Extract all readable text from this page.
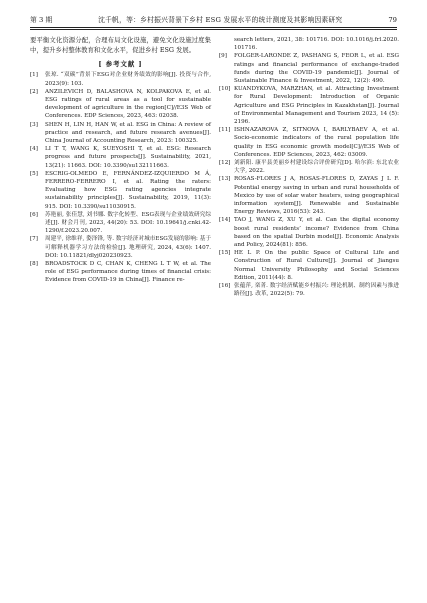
第 3 期	沈千帆，等：乡村振兴背景下乡村 ESG 发展水平的统计测度及其影响因素研究	79

要平衡文化资源分配，合理布局文化设施，避免文化设施过度集中，提升乡村整体教育和文化水平，促进乡村 ESG 发展。

[ 参考文献 ]
[1]	张琼. “双碳”背景下ESG对企业财务绩效的影响[J]. 投资与合作, 2023(9): 103.
[2]	ANZILEVICH D, BALASHOVA N, KOLPAKOVA E, et al. ESG ratings of rural areas as a tool for sustainable development of agriculture in the region[C]//E3S Web of Conferences. EDP Sciences, 2023, 463: 02038.
[3]	SHEN H, LIN H, HAN W, et al. ESG in China: A review of practice and research, and future research avenues[J]. China Journal of Accounting Research, 2023: 100325.
[4]	LI T T, WANG K, SUEYOSHI T, et al. ESG: Research progress and future prospects[J]. Sustainability, 2021, 13(21): 11663. DOI: 10.3390/su132111663.
[5]	ESCRIG-OLMEDO E, FERNÁNDEZ-IZQUIERDO M Á, FERRERO-FERRERO I, et al. Rating the raters: Evaluating how ESG rating agencies integrate sustainability principles[J]. Sustainability, 2019, 11(3): 915. DOI: 10.3390/su11030915.
[6]	苏艳丽, 张佳慧, 刘书娜. 数字化转型、ESG表现与企业绩效研究综述[J]. 财会月刊, 2023, 44(20): 53. DOI: 10.19641/j.cnki.42-1290/f.2023.20.007.
[7]	周建平, 徐维祥, 姿泽锋, 等. 数字经济对城市ESG发展的影响: 基于可解释机器学习方法的检验[J]. 地理研究, 2024, 43(6): 1407. DOI: 10.11821/dlyj020230923.
[8]	BROADSTOCK D C, CHAN K, CHENG L T W, et al. The role of ESG performance during times of financial crisis: Evidence from COVID-19 in China[J]. Finance re-
search letters, 2021, 38: 101716. DOI: 10.1016/j.frl.2020. 101716.
[9]	FOLGER-LARONDE Z, PASHANG S, FEOR L, et al. ESG ratings and financial performance of exchange-traded funds during the COVID-19 pandemic[J]. Journal of Sustainable Finance & Investment, 2022, 12(2): 490.
[10] KUANDYKOVA, MARZHAN, et al. Attracting Investment for Rural Development: Introduction of Organic Agriculture and ESG Principles in Kazakhstan[J]. Journal of Environmental Management and Tourism 2023, 14 (5): 2196.
[11] ISHNAZAROVA Z, SITNOVA I, BARLYBAEV A, et al. Socio-economic indicators of the rural population life quality in ESG economic growth model[C]//E3S Web of Conferences. EDP Sciences, 2023, 462: 03009.
[12] 刘新阳. 康平县美丽乡村建设综合评价研究[D]. 哈尔滨: 东北农业大学, 2022.
[13] ROSAS-FLORES J A, ROSAS-FLORES D, ZAYAS J L F. Potential energy saving in urban and rural households of Mexico by use of solar water heaters, using geographical information system[J]. Renewable and Sustainable Energy Reviews, 2016(53): 243.
[14] TAO J, WANG Z, XU Y, et al. Can the digital economy boost rural residents’ income? Evidence from China based on the spatial Durbin model[J]. Economic Analysis and Policy, 2024(81): 856.
[15] HE L P. On the public Space of Cultural Life and Construction of Rural Culture[J]. Journal of Jiangsu Normal University Philosophy and Social Sciences Edition, 2011(44): 8.
[16] 张蕴萍, 栾菁. 数字经济赋能乡村振兴: 理论机制、制约因素与推进路径[J]. 改革, 2022(5): 79.
